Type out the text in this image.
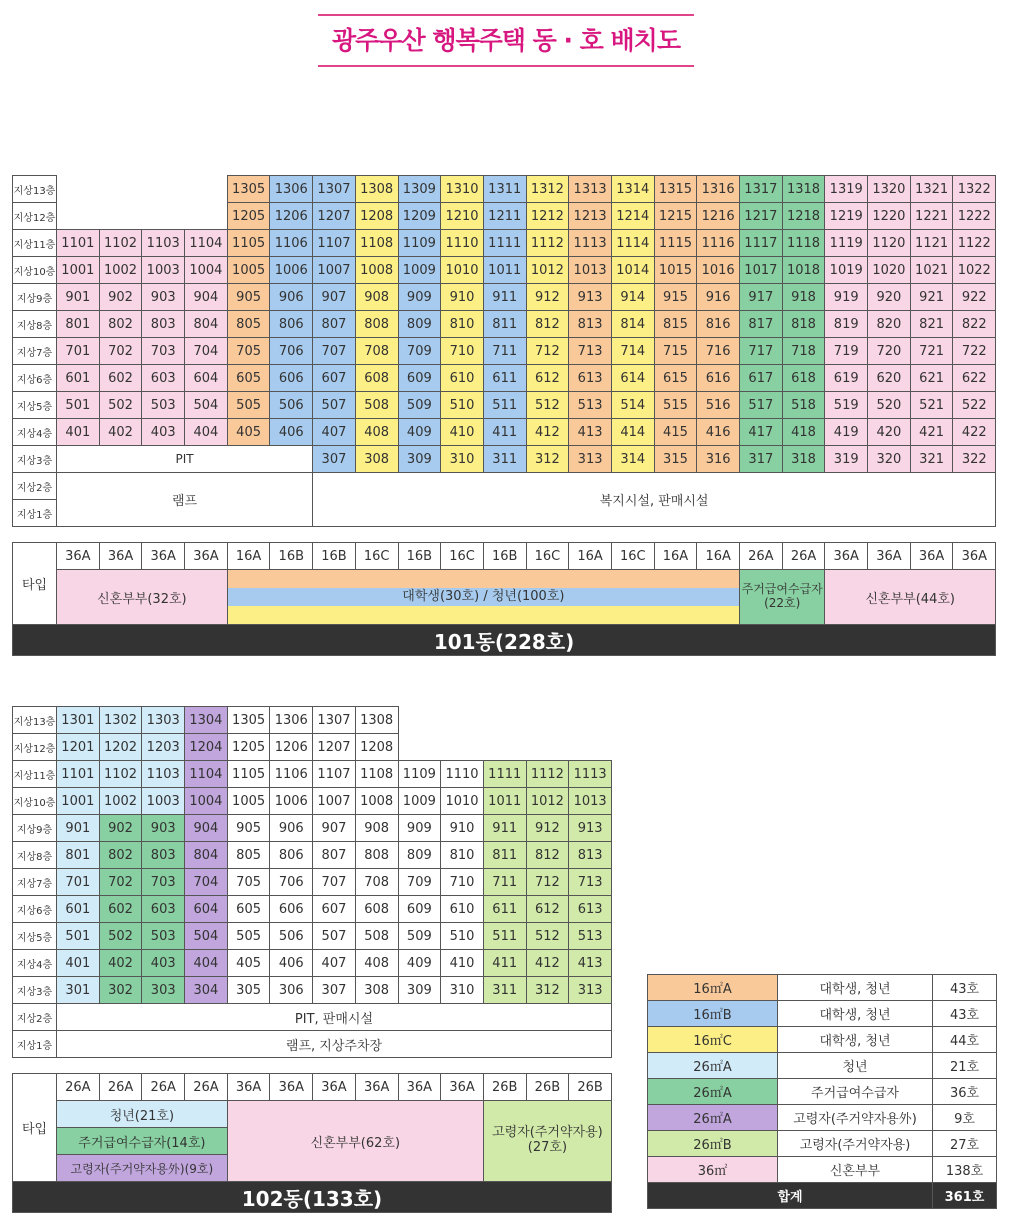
광주우산 행복주택 동 · 호 배치도
지상13층					1305	1306	1307	1308	1309	1310	1311	1312	1313	1314	1315	1316	1317	1318	1319	1320	1321	1322
지상12층					1205	1206	1207	1208	1209	1210	1211	1212	1213	1214	1215	1216	1217	1218	1219	1220	1221	1222
지상11층	1101	1102	1103	1104	1105	1106	1107	1108	1109	1110	1111	1112	1113	1114	1115	1116	1117	1118	1119	1120	1121	1122
지상10층	1001	1002	1003	1004	1005	1006	1007	1008	1009	1010	1011	1012	1013	1014	1015	1016	1017	1018	1019	1020	1021	1022
지상9층	901	902	903	904	905	906	907	908	909	910	911	912	913	914	915	916	917	918	919	920	921	922
지상8층	801	802	803	804	805	806	807	808	809	810	811	812	813	814	815	816	817	818	819	820	821	822
지상7층	701	702	703	704	705	706	707	708	709	710	711	712	713	714	715	716	717	718	719	720	721	722
지상6층	601	602	603	604	605	606	607	608	609	610	611	612	613	614	615	616	617	618	619	620	621	622
지상5층	501	502	503	504	505	506	507	508	509	510	511	512	513	514	515	516	517	518	519	520	521	522
지상4층	401	402	403	404	405	406	407	408	409	410	411	412	413	414	415	416	417	418	419	420	421	422
지상3층	PIT						307	308	309	310	311	312	313	314	315	316	317	318	319	320	321	322
지상2층	램프						복지시설, 판매시설															
지상1층																						
타입	36A	36A	36A	36A	16A	16B	16B	16C	16B	16C	16B	16C	16A	16C	16A	16A	26A	26A	36A	36A	36A	36A
	신혼부부(32호)				대학생(30호) / 청년(100호)												주거급여수급자(22호)		신혼부부(44호)			

101동(228호)																						
지상13층	1301	1302	1303	1304	1305	1306	1307	1308					
지상12층	1201	1202	1203	1204	1205	1206	1207	1208					
지상11층	1101	1102	1103	1104	1105	1106	1107	1108	1109	1110	1111	1112	1113
지상10층	1001	1002	1003	1004	1005	1006	1007	1008	1009	1010	1011	1012	1013
지상9층	901	902	903	904	905	906	907	908	909	910	911	912	913
지상8층	801	802	803	804	805	806	807	808	809	810	811	812	813
지상7층	701	702	703	704	705	706	707	708	709	710	711	712	713
지상6층	601	602	603	604	605	606	607	608	609	610	611	612	613
지상5층	501	502	503	504	505	506	507	508	509	510	511	512	513
지상4층	401	402	403	404	405	406	407	408	409	410	411	412	413
지상3층	301	302	303	304	305	306	307	308	309	310	311	312	313
지상2층	PIT, 판매시설												
지상1층	램프, 지상주차장												
타입	26A	26A	26A	26A	36A	36A	36A	36A	36A	36A	26B	26B	26B
	청년(21호)				신혼부부(62호)						고령자(주거약자용)(27호)		
	주거급여수급자(14호)												
	고령자(주거약자용外)(9호)												
102동(133호)													
16㎡A	대학생, 청년	43호
16㎡B	대학생, 청년	43호
16㎡C	대학생, 청년	44호
26㎡A	청년	21호
26㎡A	주거급여수급자	36호
26㎡A	고령자(주거약자용外)	9호
26㎡B	고령자(주거약자용)	27호
36㎡	신혼부부	138호
합계		361호
